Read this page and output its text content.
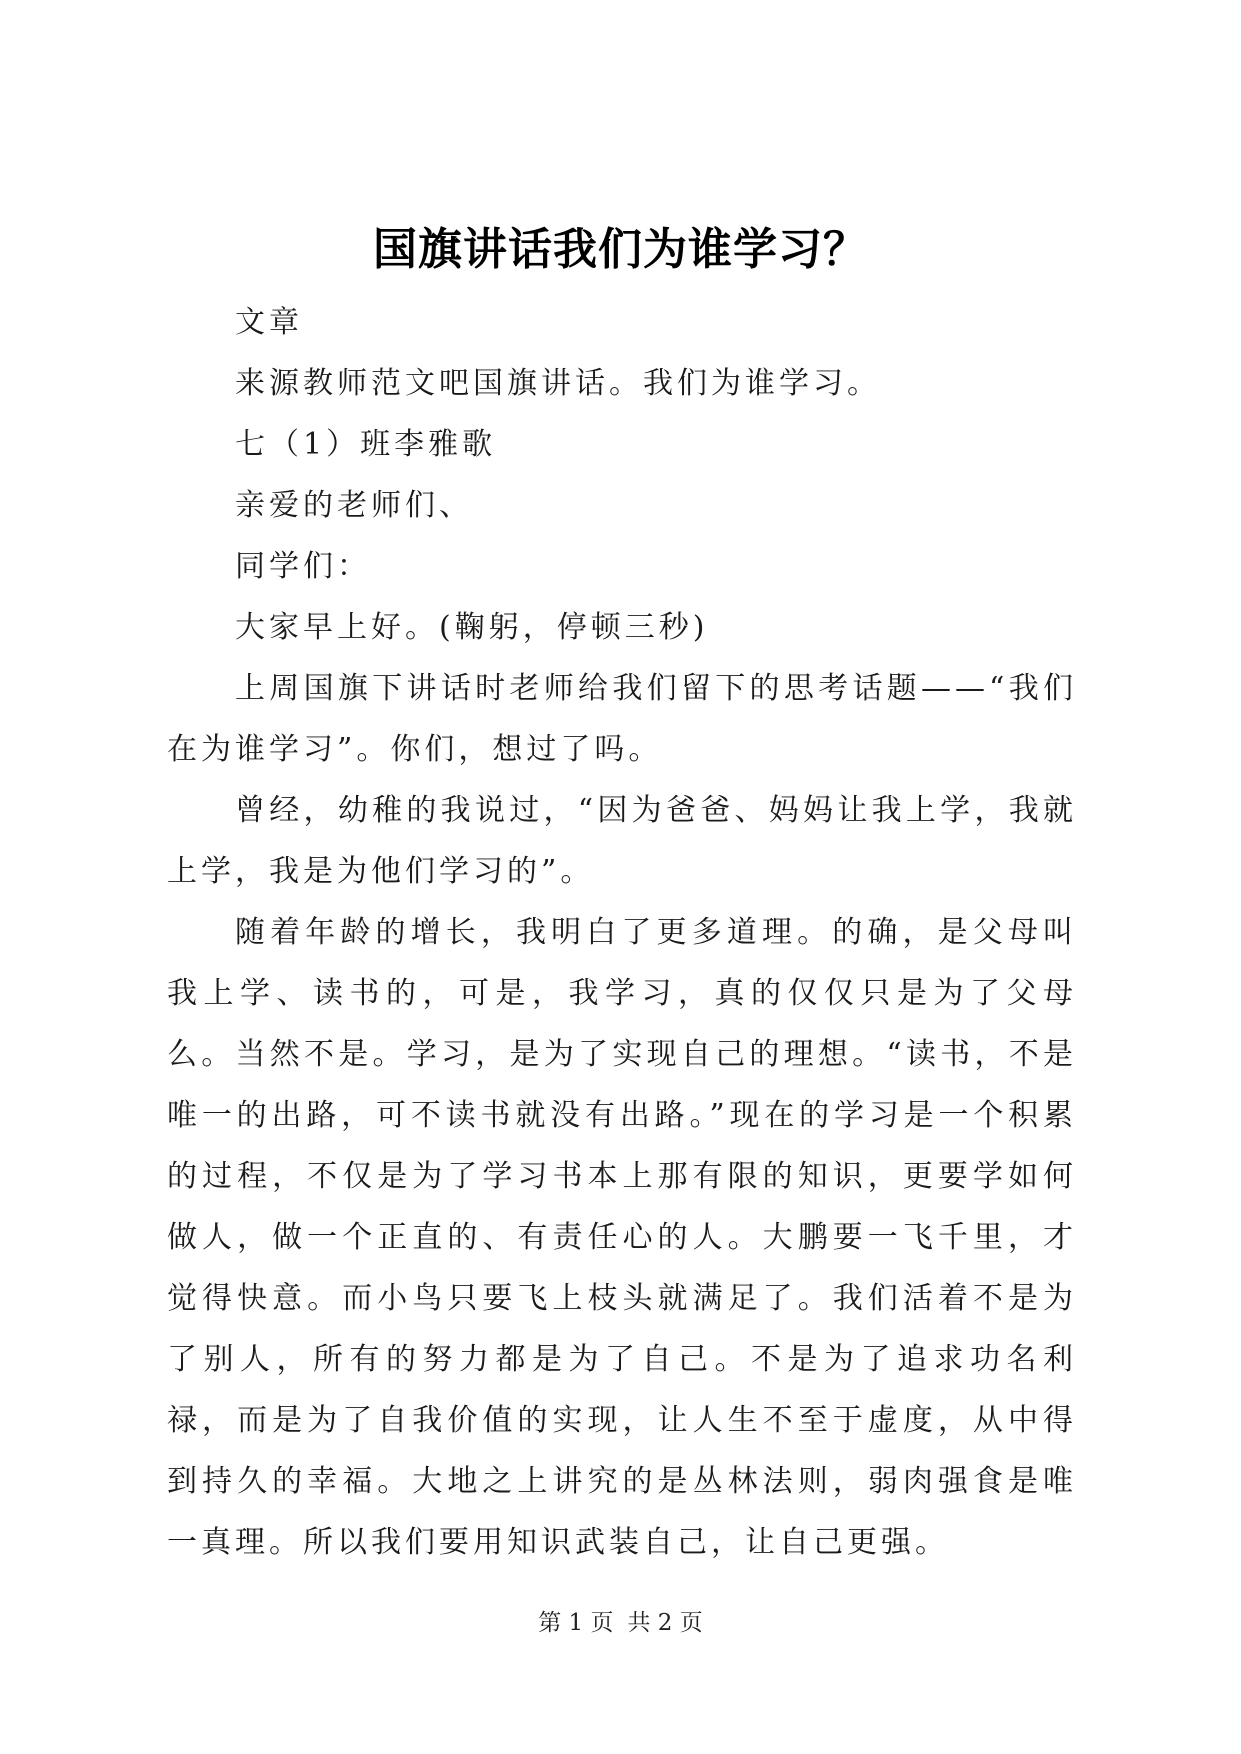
国旗讲话我们为谁学习？

文章

来源教师范文吧国旗讲话。我们为谁学习。

七（1）班李雅歌

亲爱的老师们、

同学们：

大家早上好。(鞠躬，停顿三秒)

上周国旗下讲话时老师给我们留下的思考话题——“我们在为谁学习”。你们，想过了吗。

曾经，幼稚的我说过，“因为爸爸、妈妈让我上学，我就上学，我是为他们学习的”。

随着年龄的增长，我明白了更多道理。的确，是父母叫我上学、读书的，可是，我学习，真的仅仅只是为了父母么。当然不是。学习，是为了实现自己的理想。“读书，不是唯一的出路，可不读书就没有出路。”现在的学习是一个积累的过程，不仅是为了学习书本上那有限的知识，更要学如何做人，做一个正直的、有责任心的人。大鹏要一飞千里，才觉得快意。而小鸟只要飞上枝头就满足了。我们活着不是为了别人，所有的努力都是为了自己。不是为了追求功名利禄，而是为了自我价值的实现，让人生不至于虚度，从中得到持久的幸福。大地之上讲究的是丛林法则，弱肉强食是唯一真理。所以我们要用知识武装自己，让自己更强。

第 1 页 共 2 页
